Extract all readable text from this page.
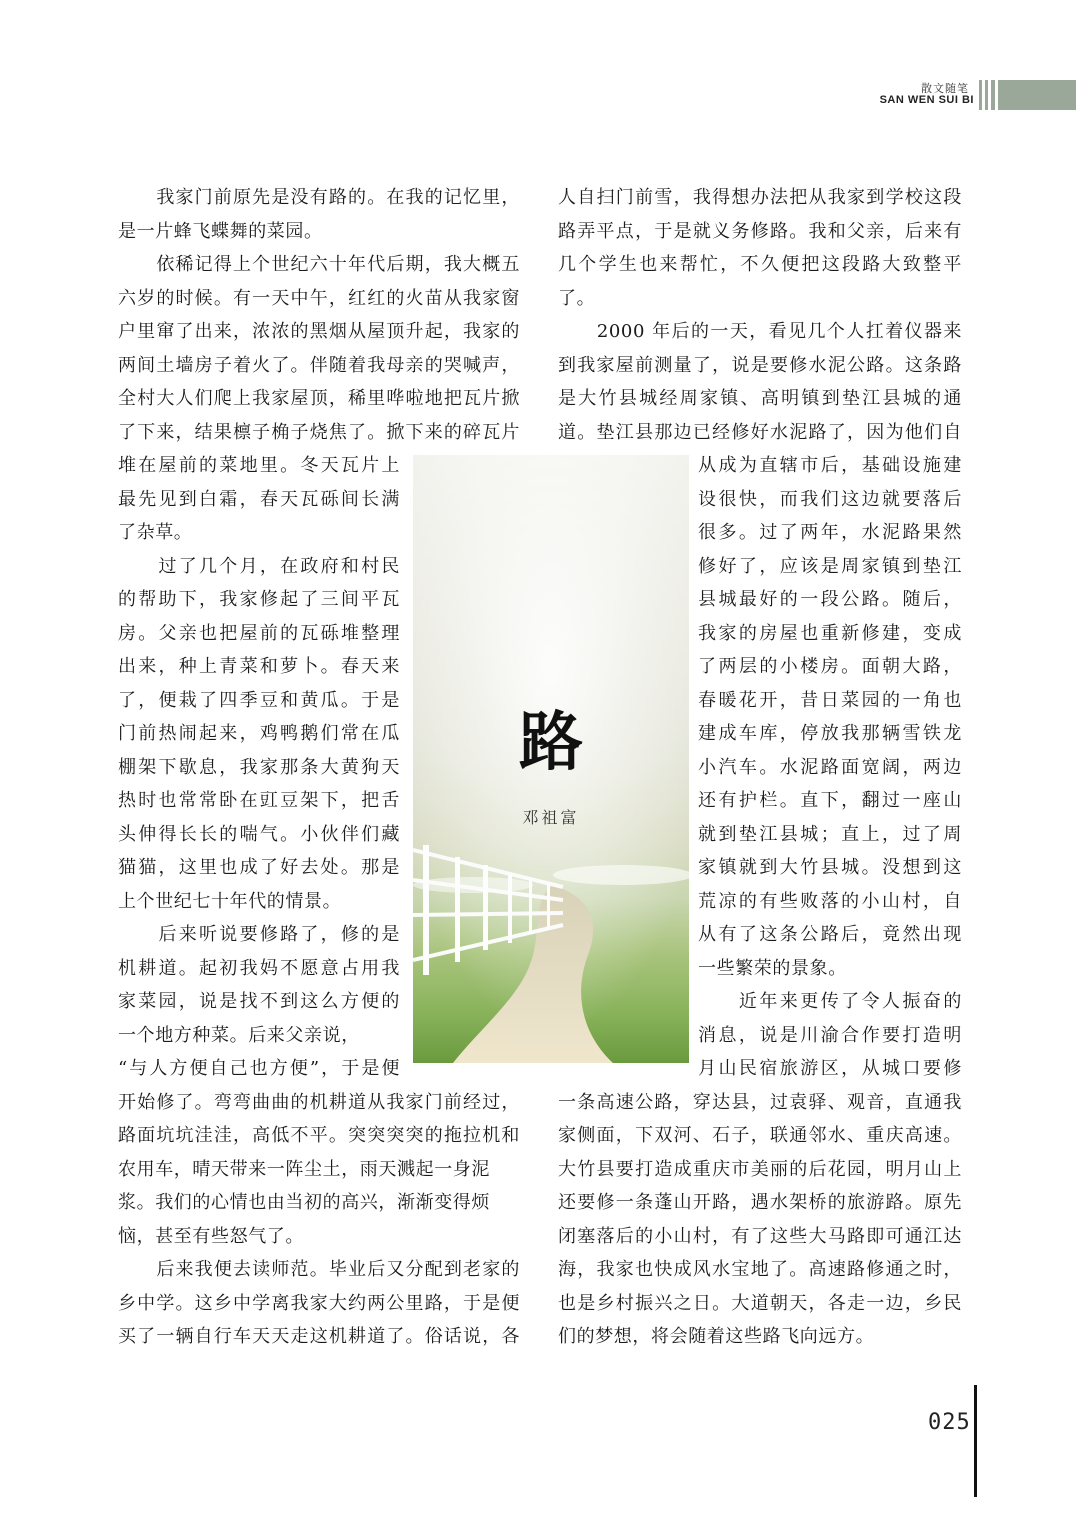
散文随笔
SAN WEN SUI BI
路
邓祖富
025
　　我家门前原先是没有路的。在我的记忆里，
是一片蜂飞蝶舞的菜园。
　　依稀记得上个世纪六十年代后期，我大概五
六岁的时候。有一天中午，红红的火苗从我家窗
户里窜了出来，浓浓的黑烟从屋顶升起，我家的
两间土墙房子着火了。伴随着我母亲的哭喊声，
全村大人们爬上我家屋顶，稀里哗啦地把瓦片掀
了下来，结果檩子桷子烧焦了。掀下来的碎瓦片
堆在屋前的菜地里。冬天瓦片上
最先见到白霜，春天瓦砾间长满
了杂草。
　　过了几个月，在政府和村民
的帮助下，我家修起了三间平瓦
房。父亲也把屋前的瓦砾堆整理
出来，种上青菜和萝卜。春天来
了，便栽了四季豆和黄瓜。于是
门前热闹起来，鸡鸭鹅们常在瓜
棚架下歇息，我家那条大黄狗天
热时也常常卧在豇豆架下，把舌
头伸得长长的喘气。小伙伴们藏
猫猫，这里也成了好去处。那是
上个世纪七十年代的情景。
　　后来听说要修路了，修的是
机耕道。起初我妈不愿意占用我
家菜园，说是找不到这么方便的
一个地方种菜。后来父亲说，
“与人方便自己也方便”，于是便
开始修了。弯弯曲曲的机耕道从我家门前经过，
路面坑坑洼洼，高低不平。突突突突的拖拉机和
农用车，晴天带来一阵尘土，雨天溅起一身泥
浆。我们的心情也由当初的高兴，渐渐变得烦
恼，甚至有些怒气了。
　　后来我便去读师范。毕业后又分配到老家的
乡中学。这乡中学离我家大约两公里路，于是便
买了一辆自行车天天走这机耕道了。俗话说，各
人自扫门前雪，我得想办法把从我家到学校这段
路弄平点，于是就义务修路。我和父亲，后来有
几个学生也来帮忙，不久便把这段路大致整平
了。
　　2000 年后的一天，看见几个人扛着仪器来
到我家屋前测量了，说是要修水泥公路。这条路
是大竹县城经周家镇、高明镇到垫江县城的通
道。垫江县那边已经修好水泥路了，因为他们自
从成为直辖市后，基础设施建
设很快，而我们这边就要落后
很多。过了两年，水泥路果然
修好了，应该是周家镇到垫江
县城最好的一段公路。随后，
我家的房屋也重新修建，变成
了两层的小楼房。面朝大路，
春暖花开，昔日菜园的一角也
建成车库，停放我那辆雪铁龙
小汽车。水泥路面宽阔，两边
还有护栏。直下，翻过一座山
就到垫江县城；直上，过了周
家镇就到大竹县城。没想到这
荒凉的有些败落的小山村，自
从有了这条公路后，竟然出现
一些繁荣的景象。
　　近年来更传了令人振奋的
消息，说是川渝合作要打造明
月山民宿旅游区，从城口要修
一条高速公路，穿达县，过袁驿、观音，直通我
家侧面，下双河、石子，联通邻水、重庆高速。
大竹县要打造成重庆市美丽的后花园，明月山上
还要修一条蓬山开路，遇水架桥的旅游路。原先
闭塞落后的小山村，有了这些大马路即可通江达
海，我家也快成风水宝地了。高速路修通之时，
也是乡村振兴之日。大道朝天，各走一边，乡民
们的梦想，将会随着这些路飞向远方。
